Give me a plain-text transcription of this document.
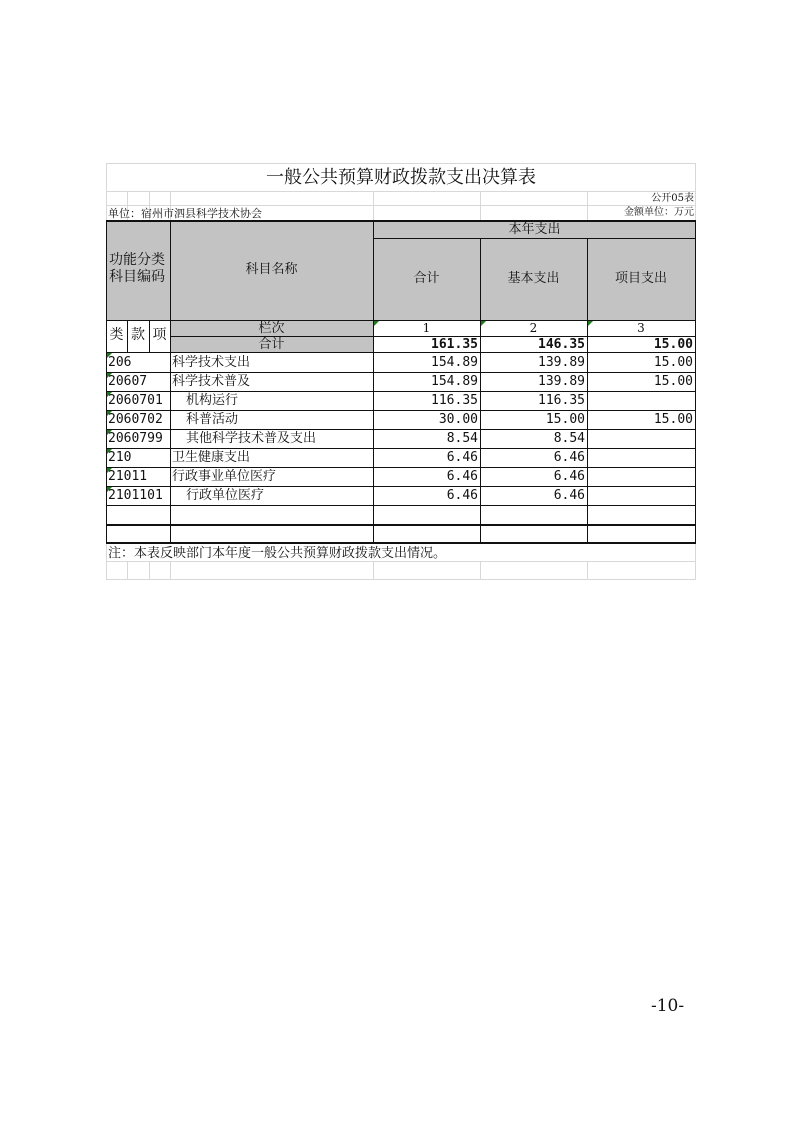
一般公共预算财政拨款支出决算表
公开05表
单位：宿州市泗县科学技术协会	金额单位：万元
功能分类
科目编码	科目名称
本年支出
合计	基本支出	项目支出
类 款 项	栏次	1	2	3
合计	161.35	146.35	15.00
206	科学技术支出	154.89	139.89	15.00
20607 科学技术普及	154.89	139.89	15.00
2060701 机构运行	116.35	116.35
2060702 科普活动	30.00	15.00	15.00
2060799 其他科学技术普及支出	8.54	8.54
210	卫生健康支出	6.46	6.46
21011 行政事业单位医疗	6.46	6.46
2101101 行政单位医疗	6.46	6.46
注：本表反映部门本年度一般公共预算财政拨款支出情况。
-10-
